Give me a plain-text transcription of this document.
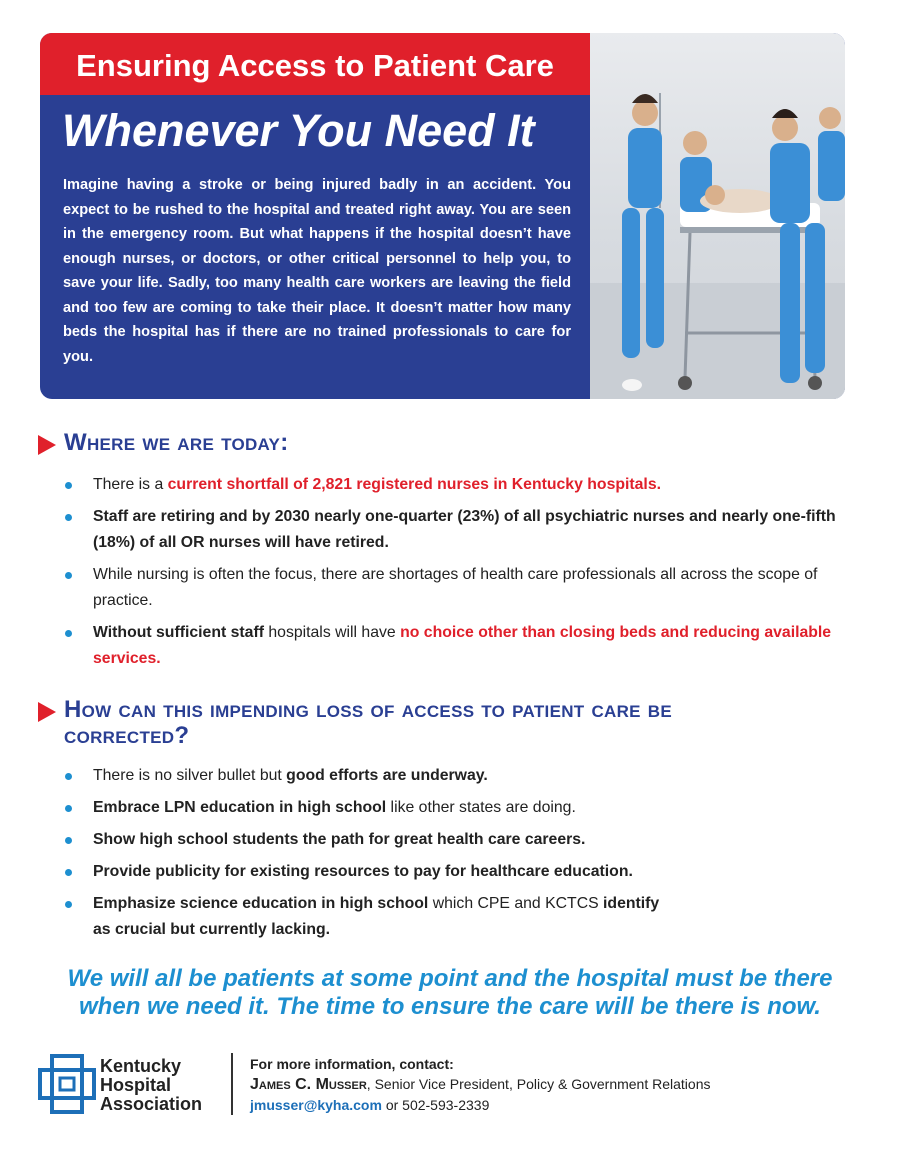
Ensuring Access to Patient Care
Whenever You Need It
Imagine having a stroke or being injured badly in an accident. You expect to be rushed to the hospital and treated right away. You are seen in the emergency room. But what happens if the hospital doesn’t have enough nurses, or doctors, or other critical personnel to help you, to save your life. Sadly, too many health care workers are leaving the field and too few are coming to take their place. It doesn’t matter how many beds the hospital has if there are no trained professionals to care for you.
Where we are today:
There is a current shortfall of 2,821 registered nurses in Kentucky hospitals.
Staff are retiring and by 2030 nearly one-quarter (23%) of all psychiatric nurses and nearly one-fifth (18%) of all OR nurses will have retired.
While nursing is often the focus, there are shortages of health care professionals all across the scope of practice.
Without sufficient staff hospitals will have no choice other than closing beds and reducing available services.
How can this impending loss of access to patient care be corrected?
There is no silver bullet but good efforts are underway.
Embrace LPN education in high school like other states are doing.
Show high school students the path for great health care careers.
Provide publicity for existing resources to pay for healthcare education.
Emphasize science education in high school which CPE and KCTCS identify
as crucial but currently lacking.
We will all be patients at some point and the hospital must be there
when we need it. The time to ensure the care will be there is now.
Kentucky
Hospital
Association
For more information, contact:
James C. Musser, Senior Vice President, Policy & Government Relations
jmusser@kyha.com or 502-593-2339
